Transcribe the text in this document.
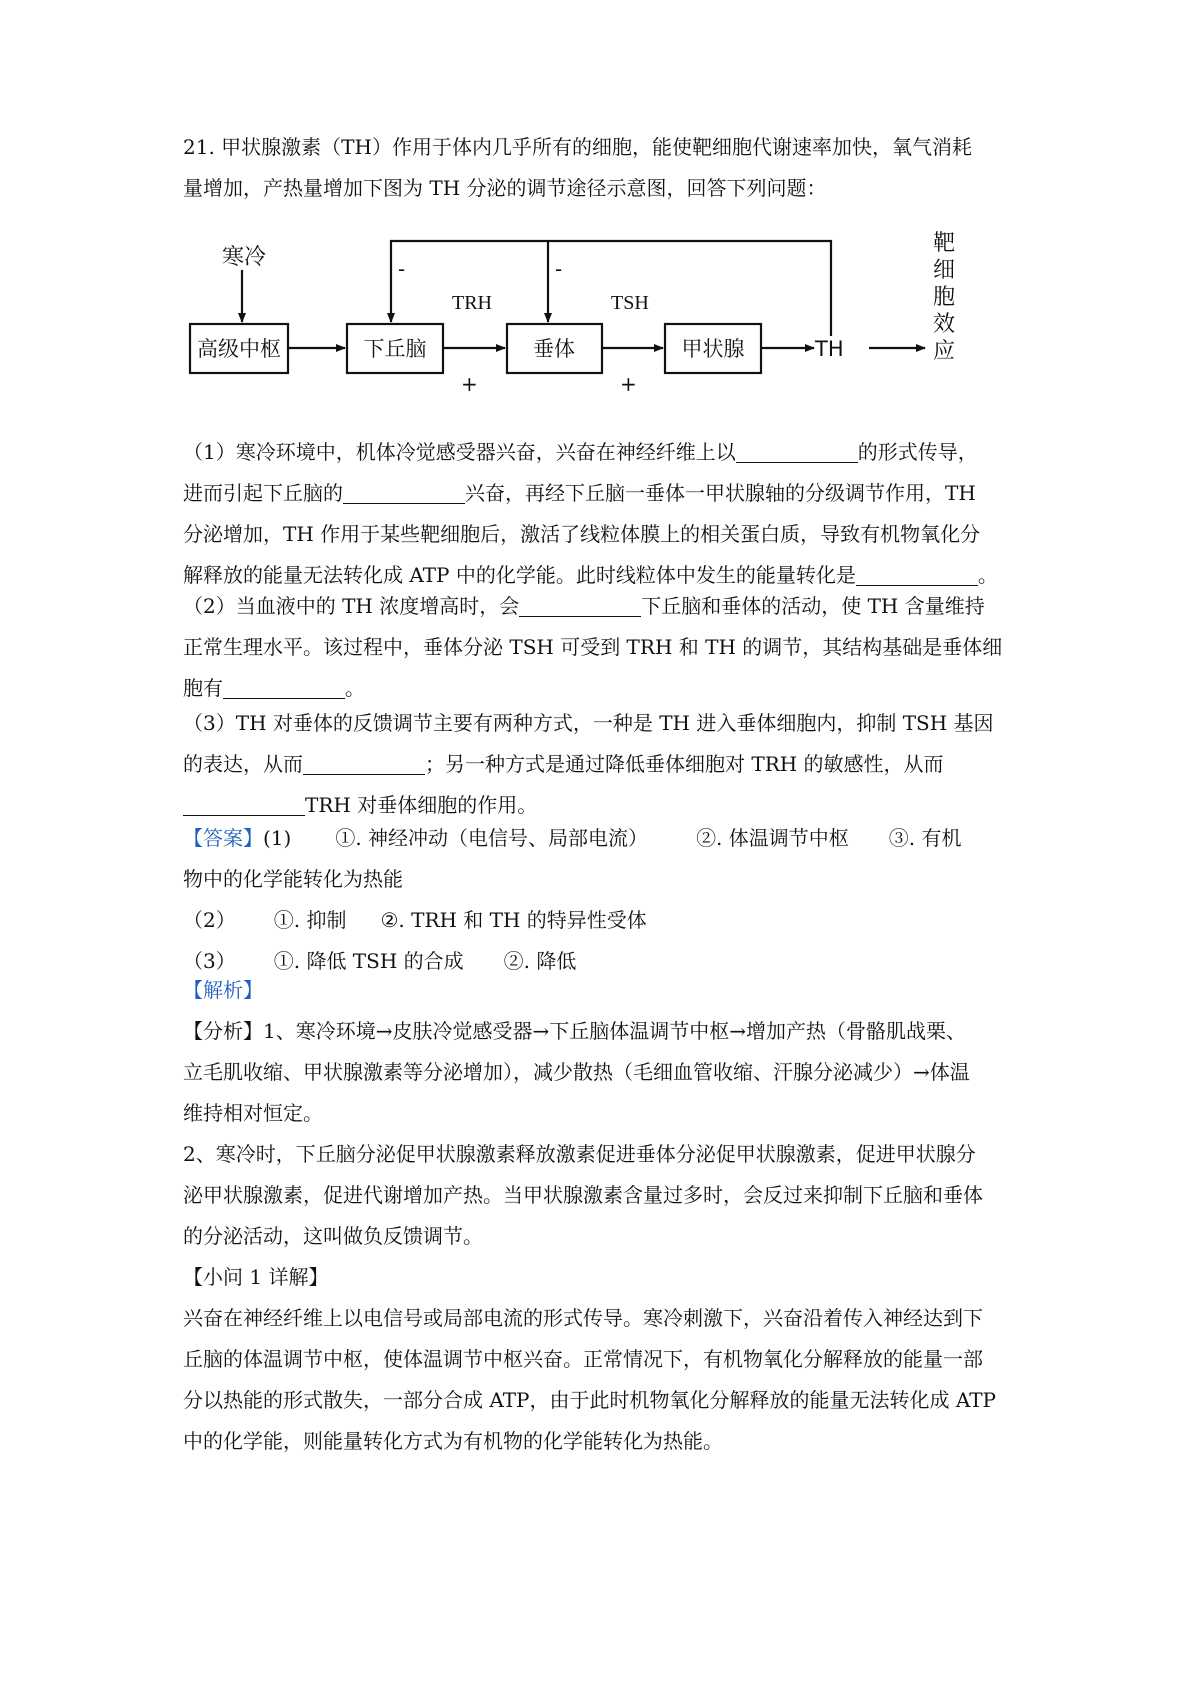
21. 甲状腺激素（TH）作用于体内几乎所有的细胞，能使靶细胞代谢速率加快，氧气消耗
量增加，产热量增加下图为 TH 分泌的调节途径示意图，回答下列问题：
寒冷
高级中枢	下丘脑	垂体	甲状腺
TRH
+
TSH
+
TH
-	-
靶
细
胞
效
应
（1）寒冷环境中，机体冷觉感受器兴奋，兴奋在神经纤维上以	的形式传导，
进而引起下丘脑的	兴奋，再经下丘脑一垂体一甲状腺轴的分级调节作用，TH
分泌增加，TH 作用于某些靶细胞后，激活了线粒体膜上的相关蛋白质，导致有机物氧化分
解释放的能量无法转化成 ATP 中的化学能。此时线粒体中发生的能量转化是	。
（2）当血液中的 TH 浓度增高时，会	下丘脑和垂体的活动，使 TH 含量维持
正常生理水平。该过程中，垂体分泌 TSH 可受到 TRH 和 TH 的调节，其结构基础是垂体细
胞有	。
（3）TH 对垂体的反馈调节主要有两种方式，一种是 TH 进入垂体细胞内，抑制 TSH 基因
的表达，从而	；另一种方式是通过降低垂体细胞对 TRH 的敏感性，从而
TRH 对垂体细胞的作用。
【答案】(1) ①. 神经冲动（电信号、局部电流） ②. 体温调节中枢 ③. 有机
物中的化学能转化为热能
（2） ①. 抑制 ②. TRH 和 TH 的特异性受体
（3） ①. 降低 TSH 的合成 ②. 降低
【解析】
【分析】1、寒冷环境→皮肤冷觉感受器→下丘脑体温调节中枢→增加产热（骨骼肌战栗、
立毛肌收缩、甲状腺激素等分泌增加），减少散热（毛细血管收缩、汗腺分泌减少）→体温
维持相对恒定。
2、寒冷时，下丘脑分泌促甲状腺激素释放激素促进垂体分泌促甲状腺激素，促进甲状腺分
泌甲状腺激素，促进代谢增加产热。当甲状腺激素含量过多时，会反过来抑制下丘脑和垂体
的分泌活动，这叫做负反馈调节。
【小问 1 详解】
兴奋在神经纤维上以电信号或局部电流的形式传导。寒冷刺激下，兴奋沿着传入神经达到下
丘脑的体温调节中枢，使体温调节中枢兴奋。正常情况下，有机物氧化分解释放的能量一部
分以热能的形式散失，一部分合成 ATP，由于此时机物氧化分解释放的能量无法转化成 ATP
中的化学能，则能量转化方式为有机物的化学能转化为热能。
